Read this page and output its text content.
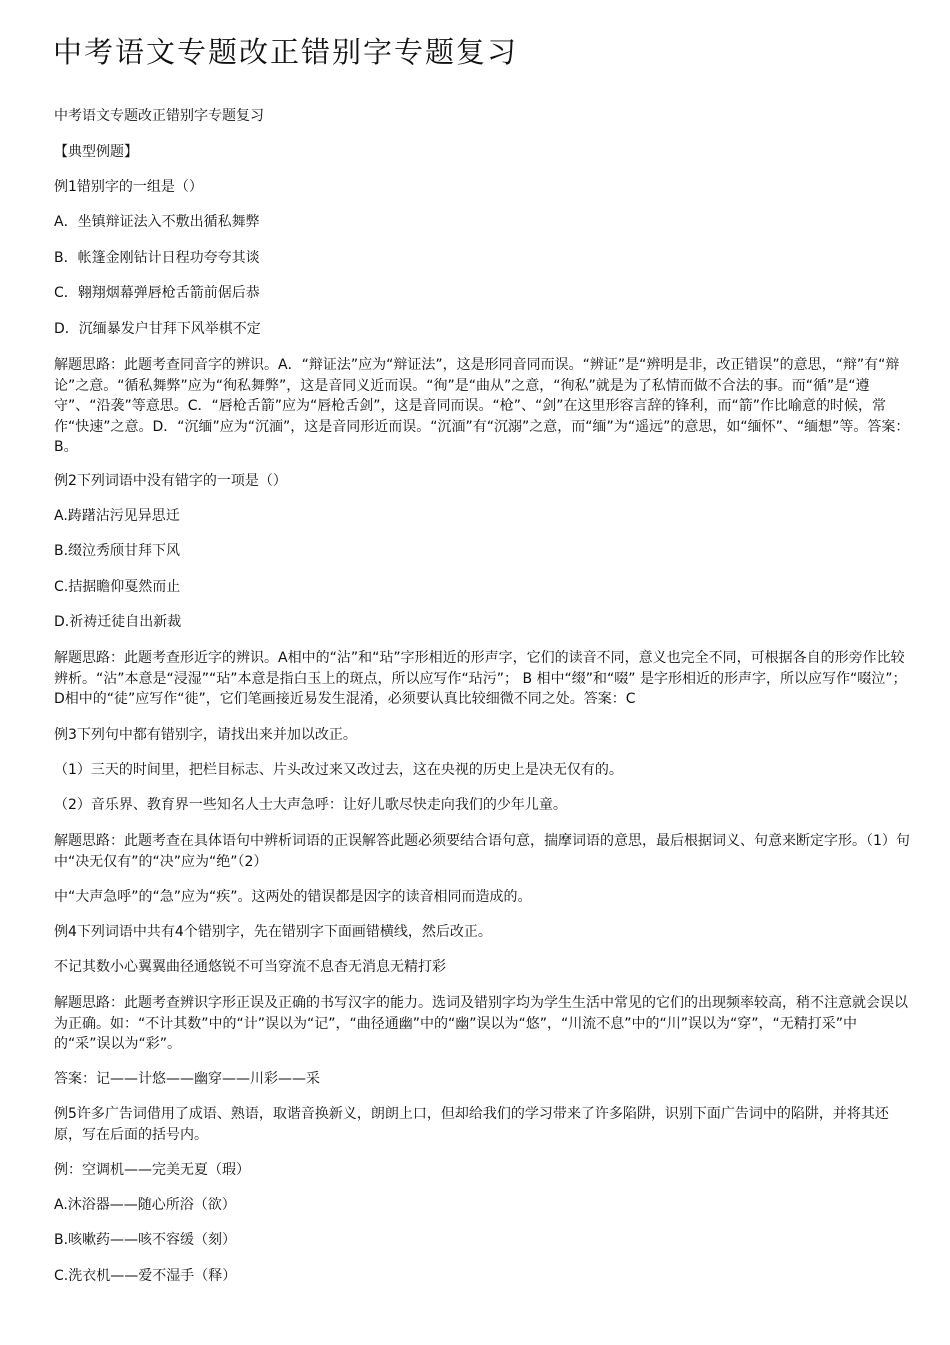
中考语文专题改正错别字专题复习

中考语文专题改正错别字专题复习

【典型例题】

例1错别字的一组是（）

A．坐镇辩证法入不敷出循私舞弊

B．帐篷金刚钻计日程功夸夸其谈

C．翱翔烟幕弹唇枪舌箭前倨后恭

D．沉缅暴发户甘拜下风举棋不定

解题思路：此题考查同音字的辨识。A．“辩证法”应为“辩证法”，这是形同音同而误。“辨证”是“辨明是非，改正错误”的意思，“辩”有“辩论”之意。“循私舞弊”应为“徇私舞弊”，这是音同义近而误。“徇”是“曲从”之意，“徇私”就是为了私情而做不合法的事。而“循”是“遵守”、“沿袭”等意思。C．“唇枪舌箭”应为“唇枪舌剑”，这是音同而误。“枪”、“剑”在这里形容言辞的锋利，而“箭”作比喻意的时候，常作“快速”之意。D．“沉缅”应为“沉湎”，这是音同形近而误。“沉湎”有“沉溺”之意，而“缅”为“遥远”的意思，如“缅怀”、“缅想”等。答案：B。

例2下列词语中没有错字的一项是（）

A.踌躇沾污见异思迁

B.缀泣秀颀甘拜下风

C.拮据瞻仰戛然而止

D.祈祷迁徒自出新裁

解题思路：此题考查形近字的辨识。A相中的“沾”和“玷”字形相近的形声字，它们的读音不同，意义也完全不同，可根据各自的形旁作比较辨析。“沾”本意是“浸湿”“玷”本意是指白玉上的斑点，所以应写作“玷污”； B 相中“缀”和“啜” 是字形相近的形声字，所以应写作“啜泣”； D相中的“徒”应写作“徙”，它们笔画接近易发生混淆，必须要认真比较细微不同之处。答案：C

例3下列句中都有错别字，请找出来并加以改正。

（1）三天的时间里，把栏目标志、片头改过来又改过去，这在央视的历史上是决无仅有的。

（2）音乐界、教育界一些知名人士大声急呼：让好儿歌尽快走向我们的少年儿童。

解题思路：此题考查在具体语句中辨析词语的正误解答此题必须要结合语句意，揣摩词语的意思，最后根据词义、句意来断定字形。（1）句中“决无仅有”的“决”应为“绝”（2）

中“大声急呼”的“急”应为“疾”。这两处的错误都是因字的读音相同而造成的。

例4下列词语中共有4个错别字，先在错别字下面画错横线，然后改正。

不记其数小心翼翼曲径通悠锐不可当穿流不息杳无消息无精打彩

解题思路：此题考查辨识字形正误及正确的书写汉字的能力。选词及错别字均为学生生活中常见的它们的出现频率较高，稍不注意就会误以为正确。如：“不计其数”中的“计”误以为“记”，“曲径通幽”中的“幽”误以为“悠”，“川流不息”中的“川”误以为“穿”，“无精打采”中的“采”误以为“彩”。

答案：记——计悠——幽穿——川彩——采

例5许多广告词借用了成语、熟语，取谐音换新义，朗朗上口，但却给我们的学习带来了许多陷阱，识别下面广告词中的陷阱，并将其还原，写在后面的括号内。

例：空调机——完美无夏（瑕）

A.沐浴器——随心所浴（欲）

B.咳嗽药——咳不容缓（刻）

C.洗衣机——爱不湿手（释）
